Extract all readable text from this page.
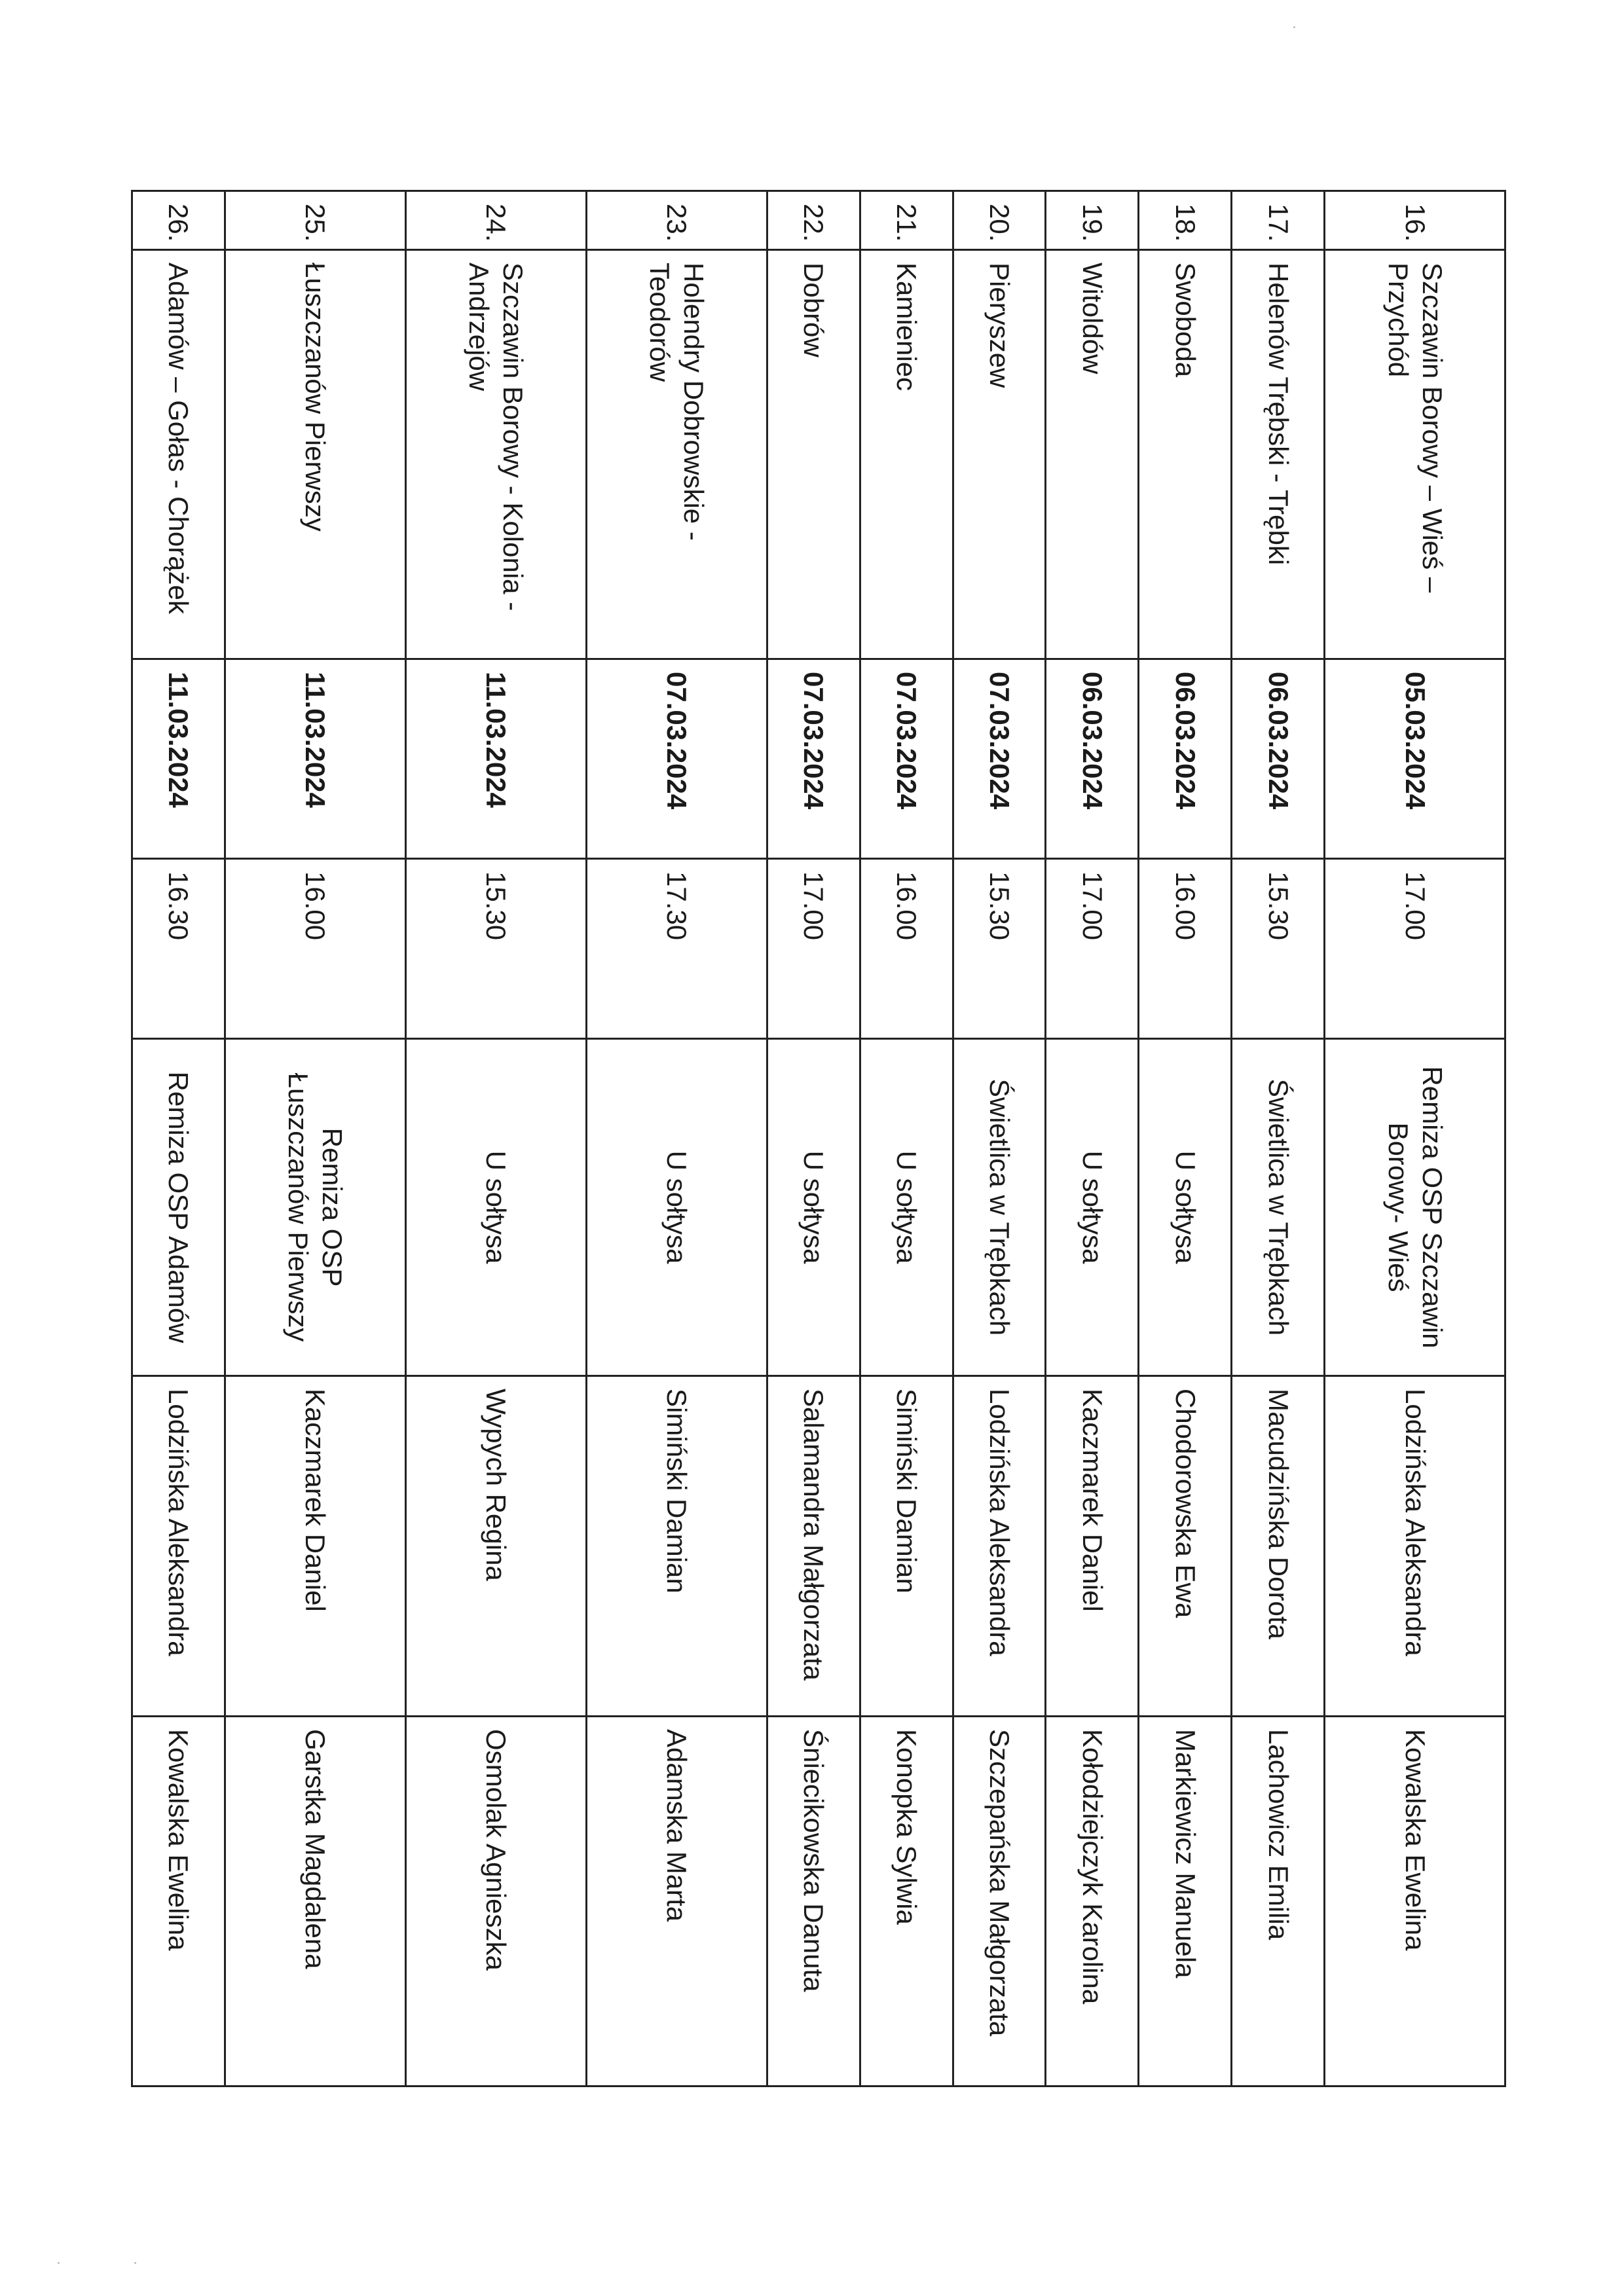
16.	Szczawin Borowy – Wieś – Przychód	05.03.2024	17.00	Remiza OSP Szczawin Borowy- Wieś	Lodzińska Aleksandra	Kowalska Ewelina
17.	Helenów Trębski - Trębki	06.03.2024	15.30	Świetlica w Trębkach	Macudzińska Dorota	Lachowicz Emilia
18.	Swoboda	06.03.2024	16.00	U sołtysa	Chodorowska Ewa	Markiewicz Manuela
19.	Witoldów	06.03.2024	17.00	U sołtysa	Kaczmarek Daniel	Kołodziejczyk Karolina
20.	Pieryszew	07.03.2024	15.30	Świetlica w Trębkach	Lodzińska Aleksandra	Szczepańska Małgorzata
21.	Kamieniec	07.03.2024	16.00	U sołtysa	Simiński Damian	Konopka Sylwia
22.	Dobrów	07.03.2024	17.00	U sołtysa	Salamandra Małgorzata	Śniecikowska Danuta
23.	Holendry Dobrowskie - Teodorów	07.03.2024	17.30	U sołtysa	Simiński Damian	Adamska Marta
24.	Szczawin Borowy - Kolonia - Andrzejów	11.03.2024	15.30	U sołtysa	Wypych Regina	Osmolak Agnieszka
25.	Łuszczanów Pierwszy	11.03.2024	16.00	Remiza OSP Łuszczanów Pierwszy	Kaczmarek Daniel	Garstka Magdalena
26.	Adamów – Gołas - Chorążek	11.03.2024	16.30	Remiza OSP Adamów	Lodzińska Aleksandra	Kowalska Ewelina
